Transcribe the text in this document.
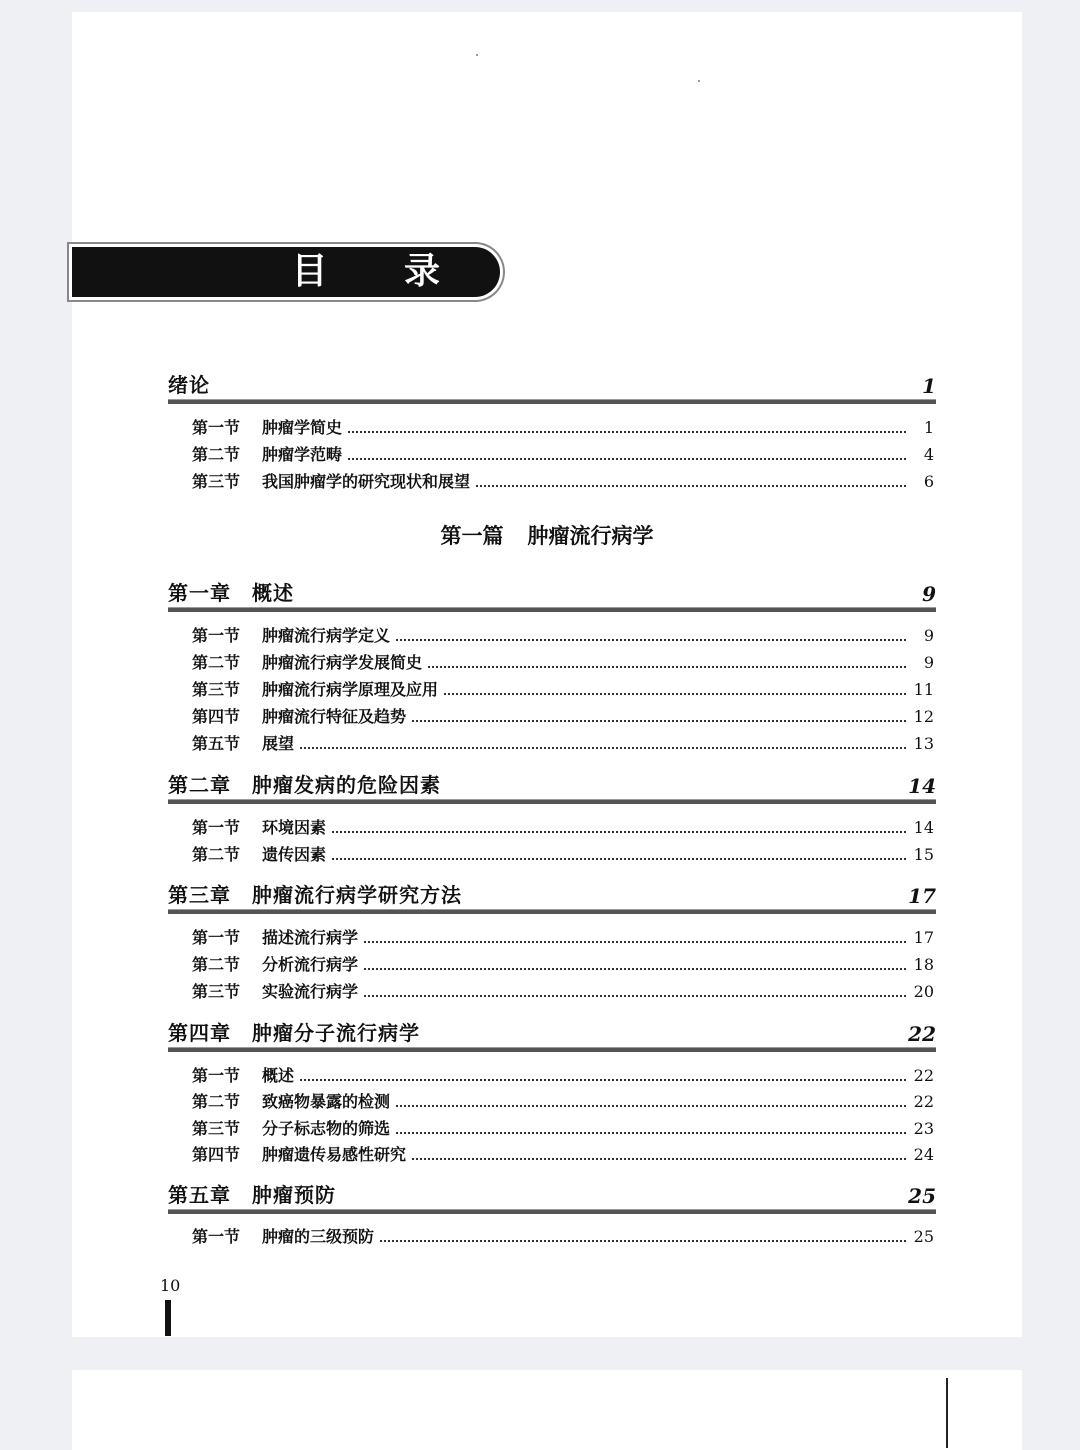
目 录
绪论	1
第一节	肿瘤学简史	1
第二节	肿瘤学范畴	4
第三节	我国肿瘤学的研究现状和展望	6
第一篇 肿瘤流行病学
第一章　概述	9
第一节	肿瘤流行病学定义	9
第二节	肿瘤流行病学发展简史	9
第三节	肿瘤流行病学原理及应用	11
第四节	肿瘤流行特征及趋势	12
第五节	展望	13
第二章　肿瘤发病的危险因素	14
第一节	环境因素	14
第二节	遗传因素	15
第三章　肿瘤流行病学研究方法	17
第一节	描述流行病学	17
第二节	分析流行病学	18
第三节	实验流行病学	20
第四章　肿瘤分子流行病学	22
第一节	概述	22
第二节	致癌物暴露的检测	22
第三节	分子标志物的筛选	23
第四节	肿瘤遗传易感性研究	24
第五章　肿瘤预防	25
第一节	肿瘤的三级预防	25
10
